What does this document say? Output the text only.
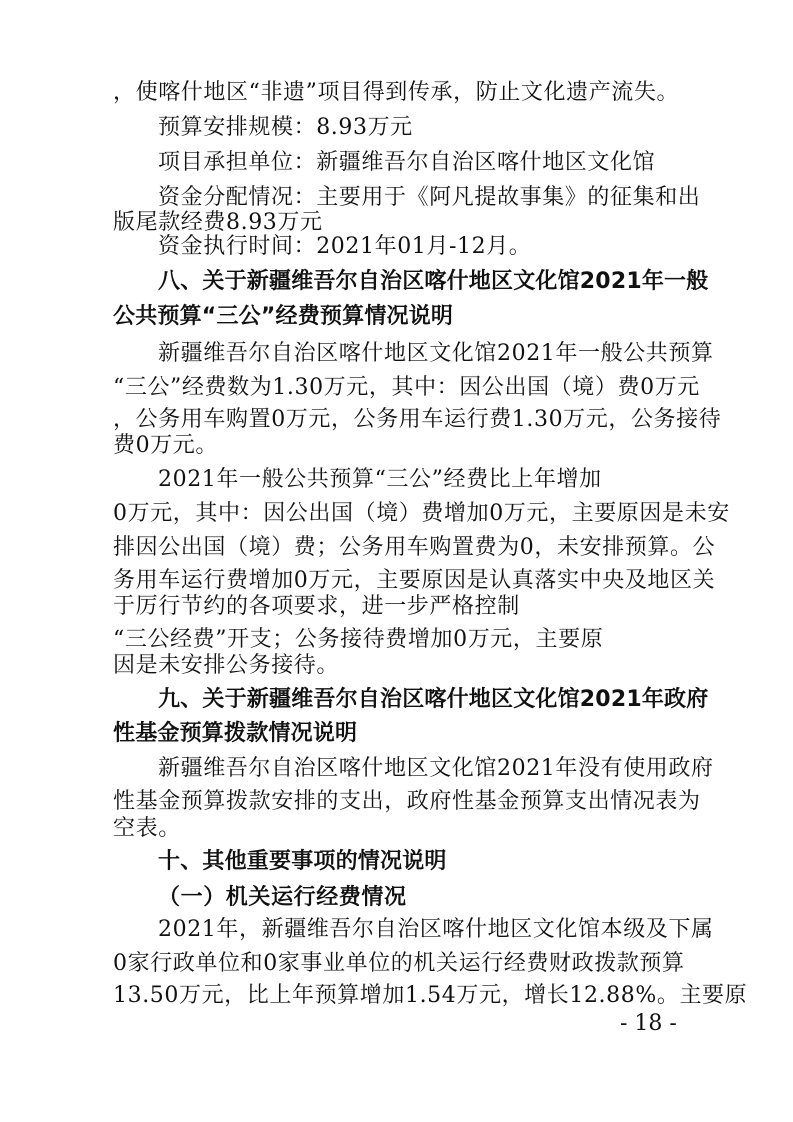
，使喀什地区“非遗”项目得到传承，防止文化遗产流失。
预算安排规模：8.93万元
项目承担单位：新疆维吾尔自治区喀什地区文化馆
资金分配情况：主要用于《阿凡提故事集》的征集和出
版尾款经费8.93万元
资金执行时间：2021年01月-12月。
八、关于新疆维吾尔自治区喀什地区文化馆2021年一般
公共预算“三公”经费预算情况说明
新疆维吾尔自治区喀什地区文化馆2021年一般公共预算
“三公”经费数为1.30万元，其中：因公出国（境）费0万元
，公务用车购置0万元，公务用车运行费1.30万元，公务接待
费0万元。
2021年一般公共预算“三公”经费比上年增加
0万元，其中：因公出国（境）费增加0万元，主要原因是未安
排因公出国（境）费；公务用车购置费为0，未安排预算。公
务用车运行费增加0万元，主要原因是认真落实中央及地区关
于厉行节约的各项要求，进一步严格控制
“三公经费”开支；公务接待费增加0万元，主要原
因是未安排公务接待。
九、关于新疆维吾尔自治区喀什地区文化馆2021年政府
性基金预算拨款情况说明
新疆维吾尔自治区喀什地区文化馆2021年没有使用政府
性基金预算拨款安排的支出，政府性基金预算支出情况表为
空表。
十、其他重要事项的情况说明
（一）机关运行经费情况
2021年，新疆维吾尔自治区喀什地区文化馆本级及下属
0家行政单位和0家事业单位的机关运行经费财政拨款预算
13.50万元，比上年预算增加1.54万元，增长12.88%。主要原
- 18 -
